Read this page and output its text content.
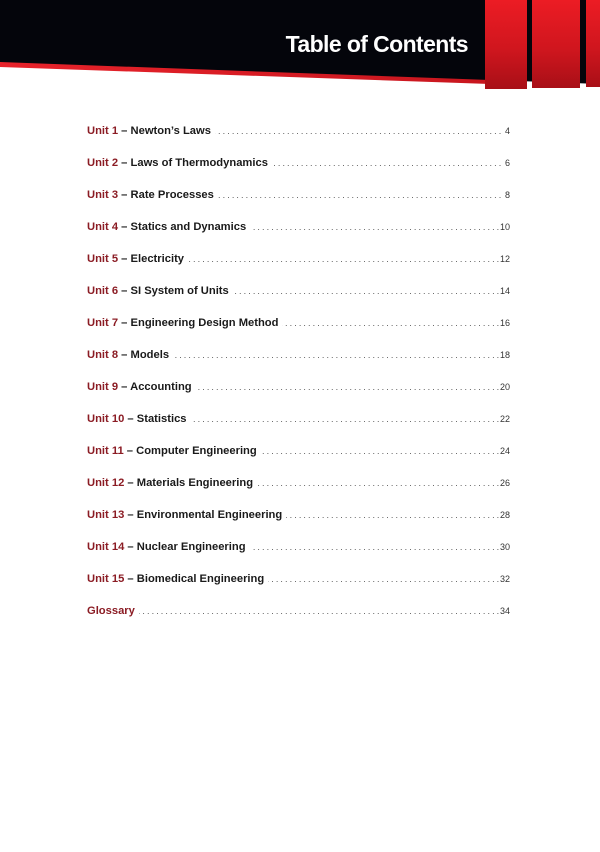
Table of Contents
Unit 1 – Newton’s Laws . . .	4
Unit 2 – Laws of Thermodynamics . . .	6
Unit 3 – Rate Processes . . .	8
Unit 4 – Statics and Dynamics . . .	10
Unit 5 – Electricity . . .	12
Unit 6 – SI System of Units . . .	14
Unit 7 – Engineering Design Method . . .	16
Unit 8 – Models . . .	18
Unit 9 – Accounting . . .	20
Unit 10 – Statistics . . .	22
Unit 11 – Computer Engineering . . .	24
Unit 12 – Materials Engineering . . .	26
Unit 13 – Environmental Engineering . . .	28
Unit 14 – Nuclear Engineering . . .	30
Unit 15 – Biomedical Engineering . . .	32
Glossary . . .	34
